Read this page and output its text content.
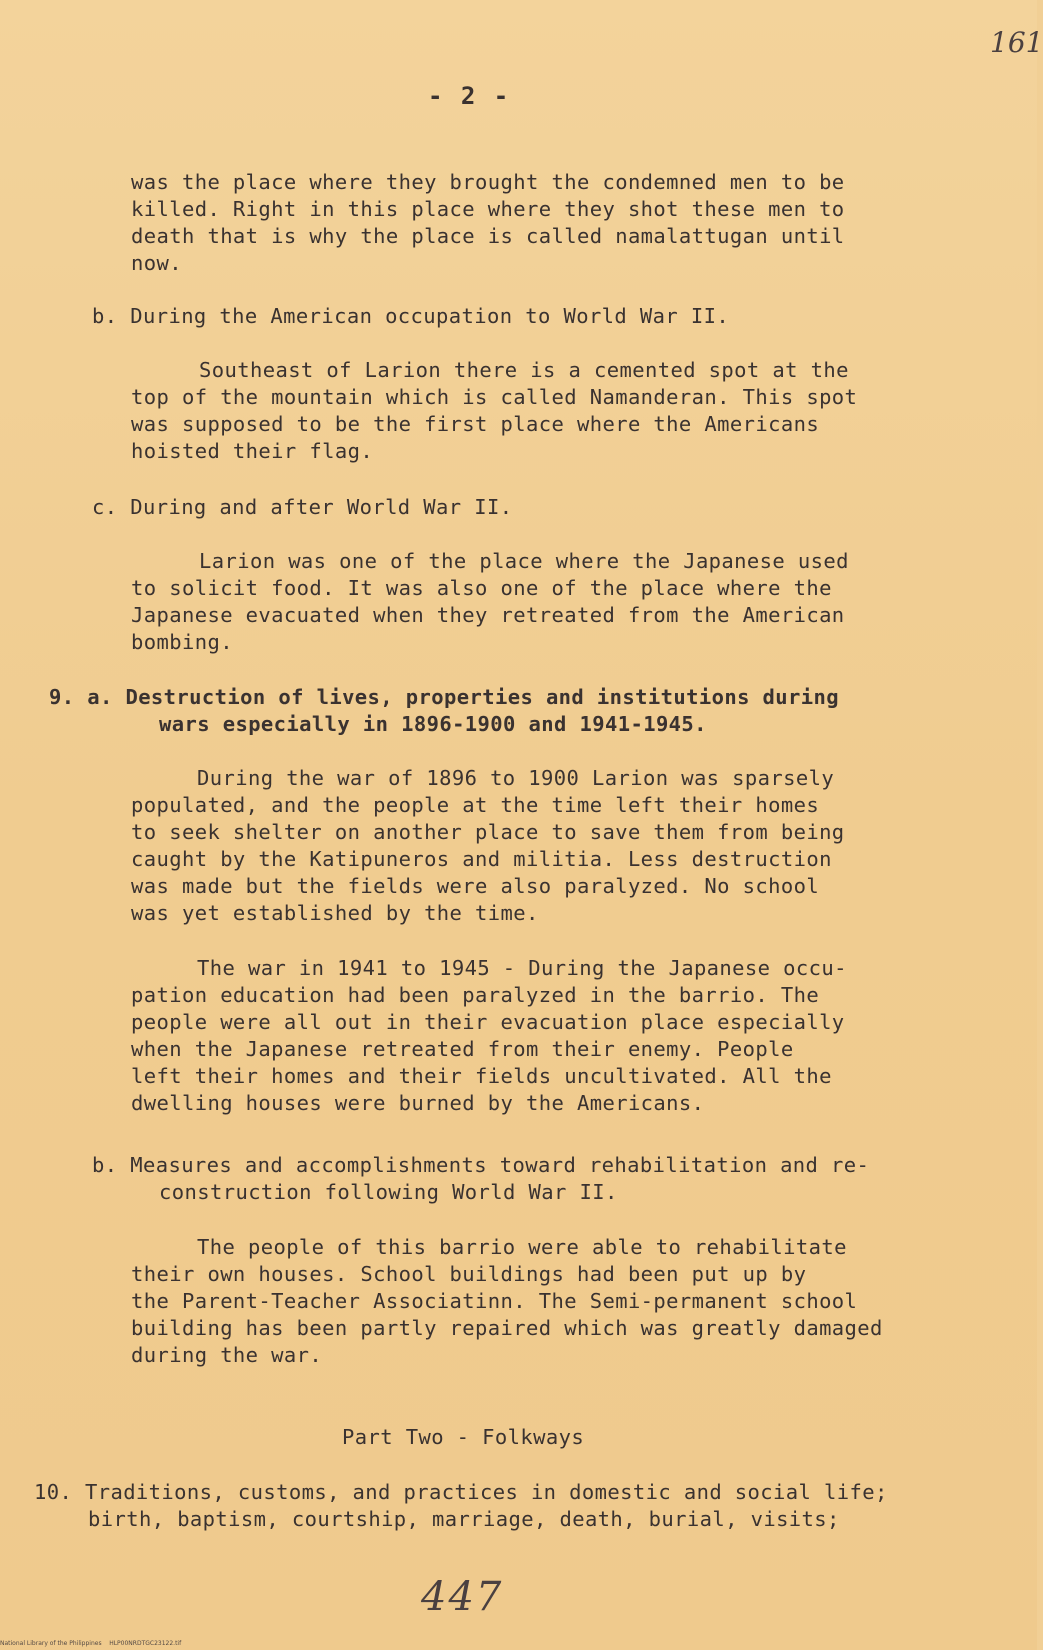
161
- 2 -
was the place where they brought the condemned men to be
killed. Right in this place where they shot these men to
death that is why the place is called namalattugan until
now.
b. During the American occupation to World War II.
Southeast of Larion there is a cemented spot at the
top of the mountain which is called Namanderan. This spot
was supposed to be the first place where the Americans
hoisted their flag.
c. During and after World War II.
Larion was one of the place where the Japanese used
to solicit food. It was also one of the place where the
Japanese evacuated when they retreated from the American
bombing.
9. a. Destruction of lives, properties and institutions during
wars especially in 1896-1900 and 1941-1945.
During the war of 1896 to 1900 Larion was sparsely
populated, and the people at the time left their homes
to seek shelter on another place to save them from being
caught by the Katipuneros and militia. Less destruction
was made but the fields were also paralyzed. No school
was yet established by the time.
The war in 1941 to 1945 - During the Japanese occu-
pation education had been paralyzed in the barrio. The
people were all out in their evacuation place especially
when the Japanese retreated from their enemy. People
left their homes and their fields uncultivated. All the
dwelling houses were burned by the Americans.
b. Measures and accomplishments toward rehabilitation and re-
construction following World War II.
The people of this barrio were able to rehabilitate
their own houses. School buildings had been put up by
the Parent-Teacher Associatinn. The Semi-permanent school
building has been partly repaired which was greatly damaged
during the war.
Part Two - Folkways
10. Traditions, customs, and practices in domestic and social life;
birth, baptism, courtship, marriage, death, burial, visits;
447
National Library of the Philippines    HLP00NRDTGC23122.tif
